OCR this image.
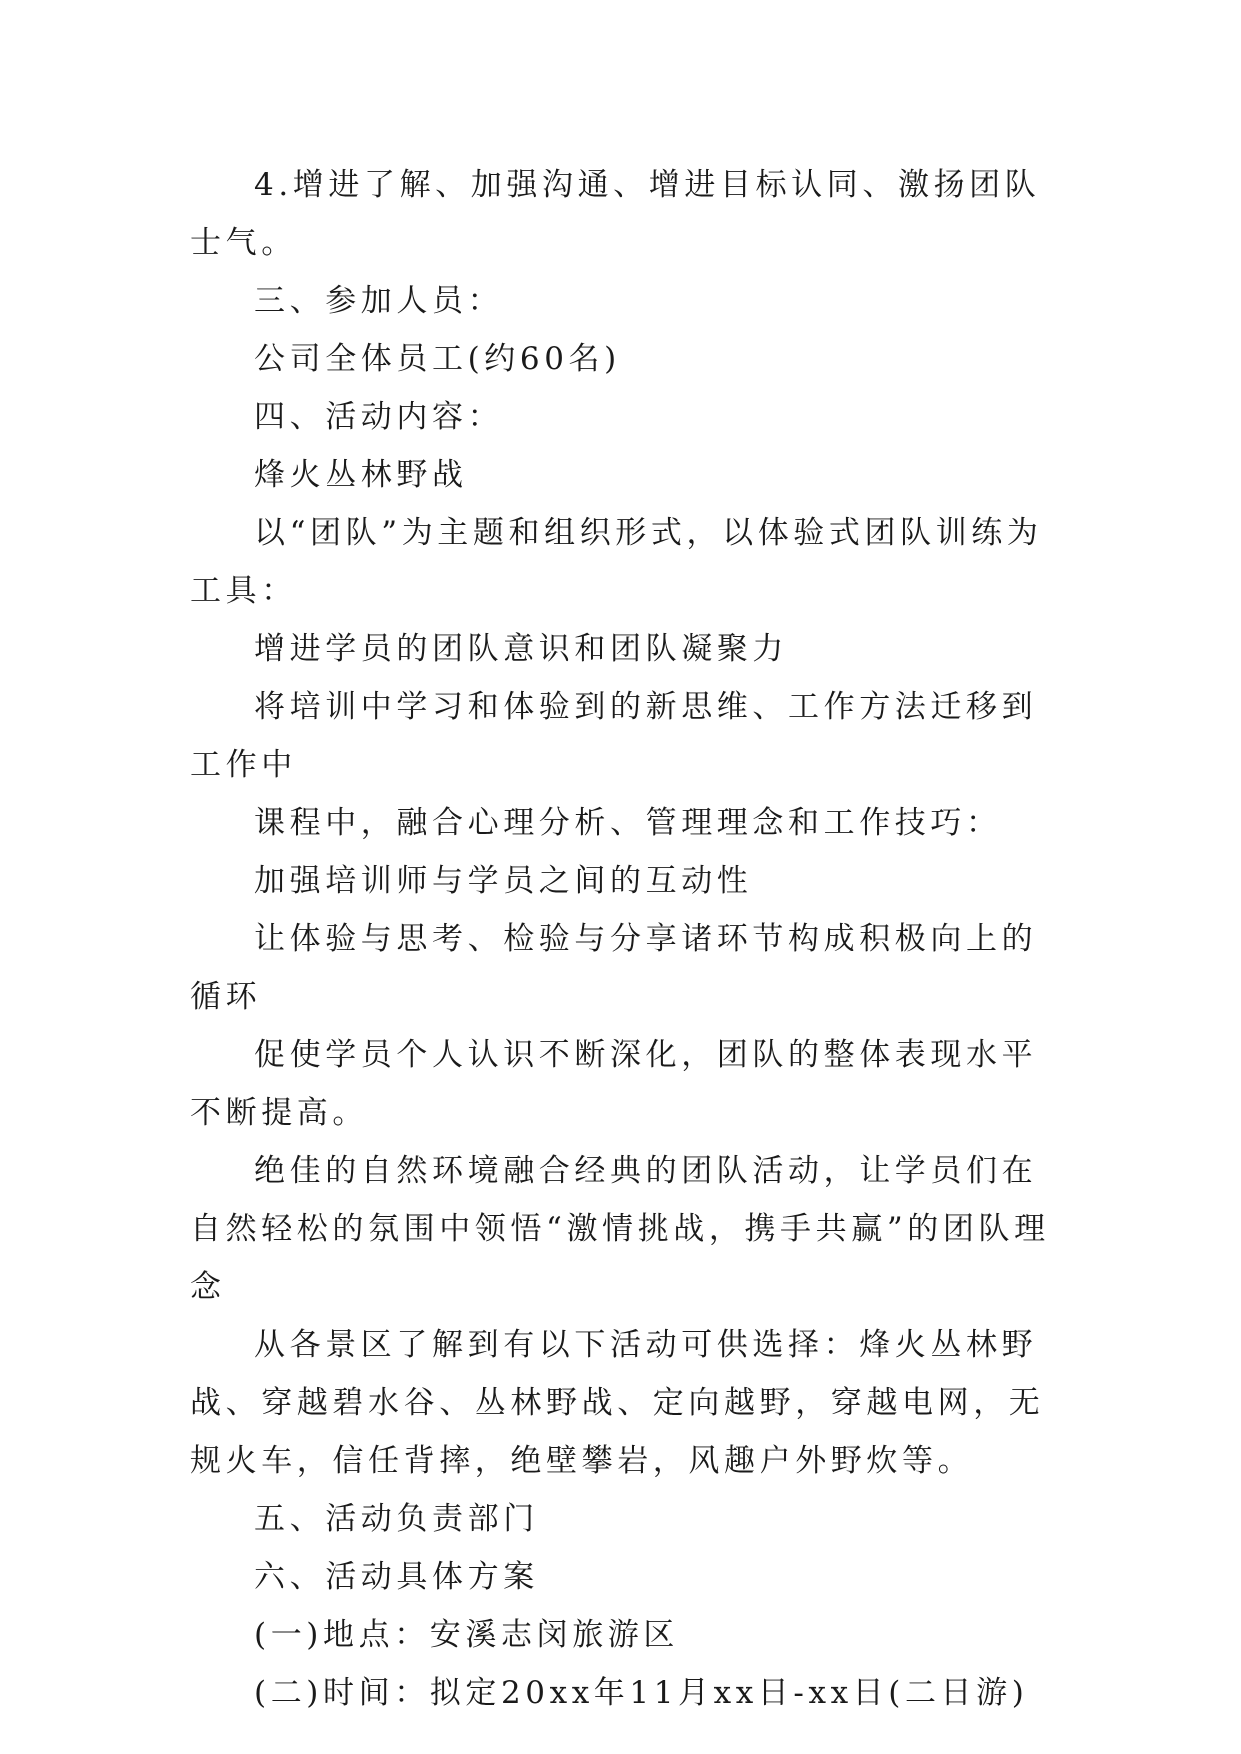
4.增进了解、加强沟通、增进目标认同、激扬团队士气。

三、参加人员：

公司全体员工(约60名)

四、活动内容：

烽火丛林野战

以“团队”为主题和组织形式，以体验式团队训练为工具：

增进学员的团队意识和团队凝聚力

将培训中学习和体验到的新思维、工作方法迁移到工作中

课程中，融合心理分析、管理理念和工作技巧：

加强培训师与学员之间的互动性

让体验与思考、检验与分享诸环节构成积极向上的循环

促使学员个人认识不断深化，团队的整体表现水平不断提高。

绝佳的自然环境融合经典的团队活动，让学员们在自然轻松的氛围中领悟“激情挑战，携手共赢”的团队理念

从各景区了解到有以下活动可供选择：烽火丛林野战、穿越碧水谷、丛林野战、定向越野，穿越电网，无规火车，信任背摔，绝壁攀岩，风趣户外野炊等。

五、活动负责部门

六、活动具体方案

(一)地点：安溪志闵旅游区

(二)时间：拟定20xx年11月xx日-xx日(二日游)
